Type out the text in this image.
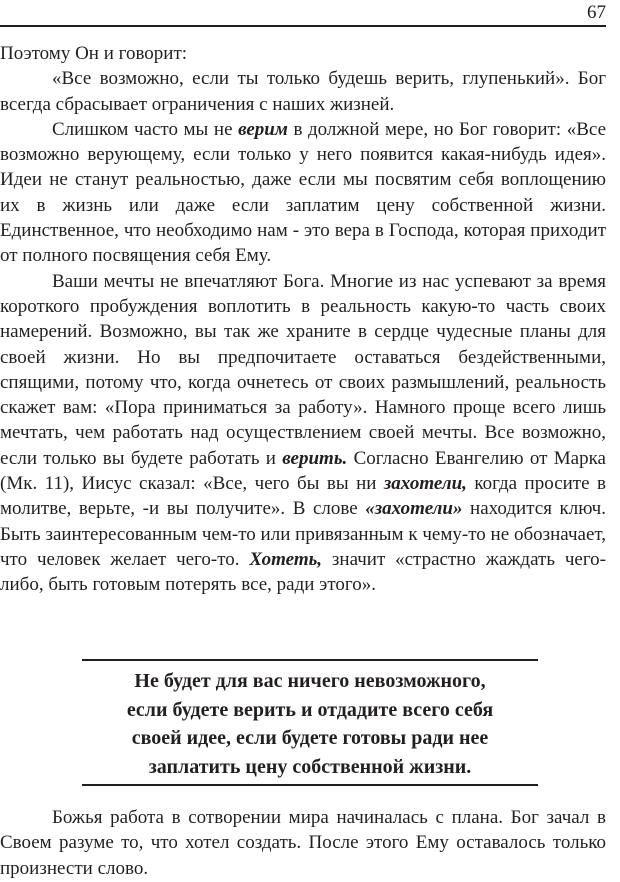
67

Поэтому Он и говорит:

«Все возможно, если ты только будешь верить, глупенький». Бог всегда сбрасывает ограничения с наших жизней.

Слишком часто мы не верим в должной мере, но Бог говорит: «Все возможно верующему, если только у него появится какая-нибудь идея». Идеи не станут реальностью, даже если мы посвятим себя воплощению их в жизнь или даже если заплатим цену собственной жизни. Единственное, что необходимо нам - это вера в Господа, которая приходит от полного посвящения себя Ему.

Ваши мечты не впечатляют Бога. Многие из нас успевают за время короткого пробуждения воплотить в реальность какую-то часть своих намерений. Возможно, вы так же храните в сердце чудесные планы для своей жизни. Но вы предпочитаете оставаться бездейственными, спящими, потому что, когда очнетесь от своих размышлений, реальность скажет вам: «Пора приниматься за работу». Намного проще всего лишь мечтать, чем работать над осуществлением своей мечты. Все возможно, если только вы будете работать и верить. Согласно Евангелию от Марка (Мк. 11), Иисус сказал: «Все, чего бы вы ни захотели, когда просите в молитве, верьте, -и вы получите». В слове «захотели» находится ключ. Быть заинтересованным чем-то или привязанным к чему-то не обозначает, что человек желает чего-то. Хотеть, значит «страстно жаждать чего-либо, быть готовым потерять все, ради этого».

Не будет для вас ничего невозможного,
если будете верить и отдадите всего себя
своей идее, если будете готовы ради нее
заплатить цену собственной жизни.

Божья работа в сотворении мира начиналась с плана. Бог зачал в Своем разуме то, что хотел создать. После этого Ему оставалось только произнести слово.
